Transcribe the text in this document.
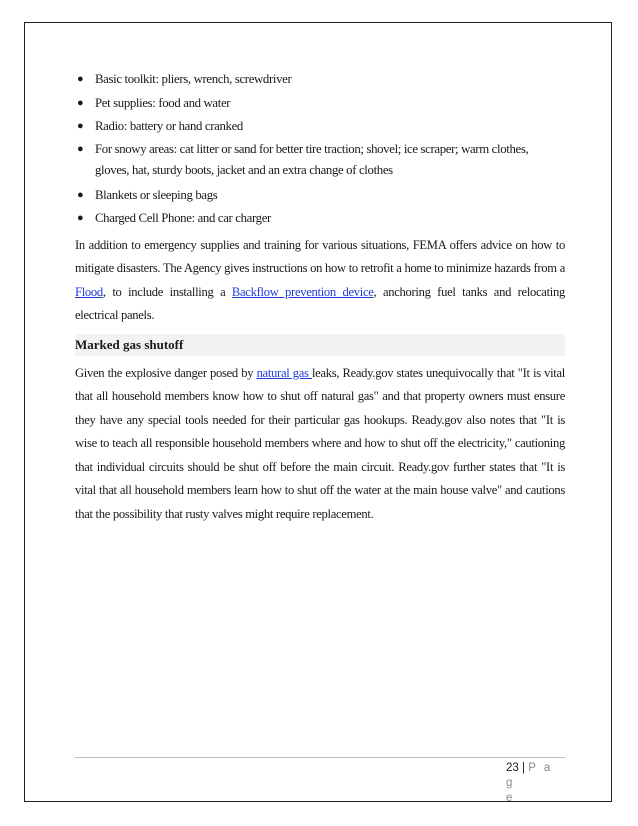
● Basic toolkit: pliers, wrench, screwdriver
● Pet supplies: food and water
● Radio: battery or hand cranked
● For snowy areas: cat litter or sand for better tire traction; shovel; ice scraper; warm clothes, gloves, hat, sturdy boots, jacket and an extra change of clothes
● Blankets or sleeping bags
● Charged Cell Phone: and car charger

In addition to emergency supplies and training for various situations, FEMA offers advice on how to mitigate disasters. The Agency gives instructions on how to retrofit a home to minimize hazards from a Flood, to include installing a Backflow prevention device, anchoring fuel tanks and relocating electrical panels.

Marked gas shutoff

Given the explosive danger posed by natural gas leaks, Ready.gov states unequivocally that "It is vital that all household members know how to shut off natural gas" and that property owners must ensure they have any special tools needed for their particular gas hookups. Ready.gov also notes that "It is wise to teach all responsible household members where and how to shut off the electricity," cautioning that individual circuits should be shut off before the main circuit. Ready.gov further states that "It is vital that all household members learn how to shut off the water at the main house valve" and cautions that the possibility that rusty valves might require replacement.

23 | P a g
e
